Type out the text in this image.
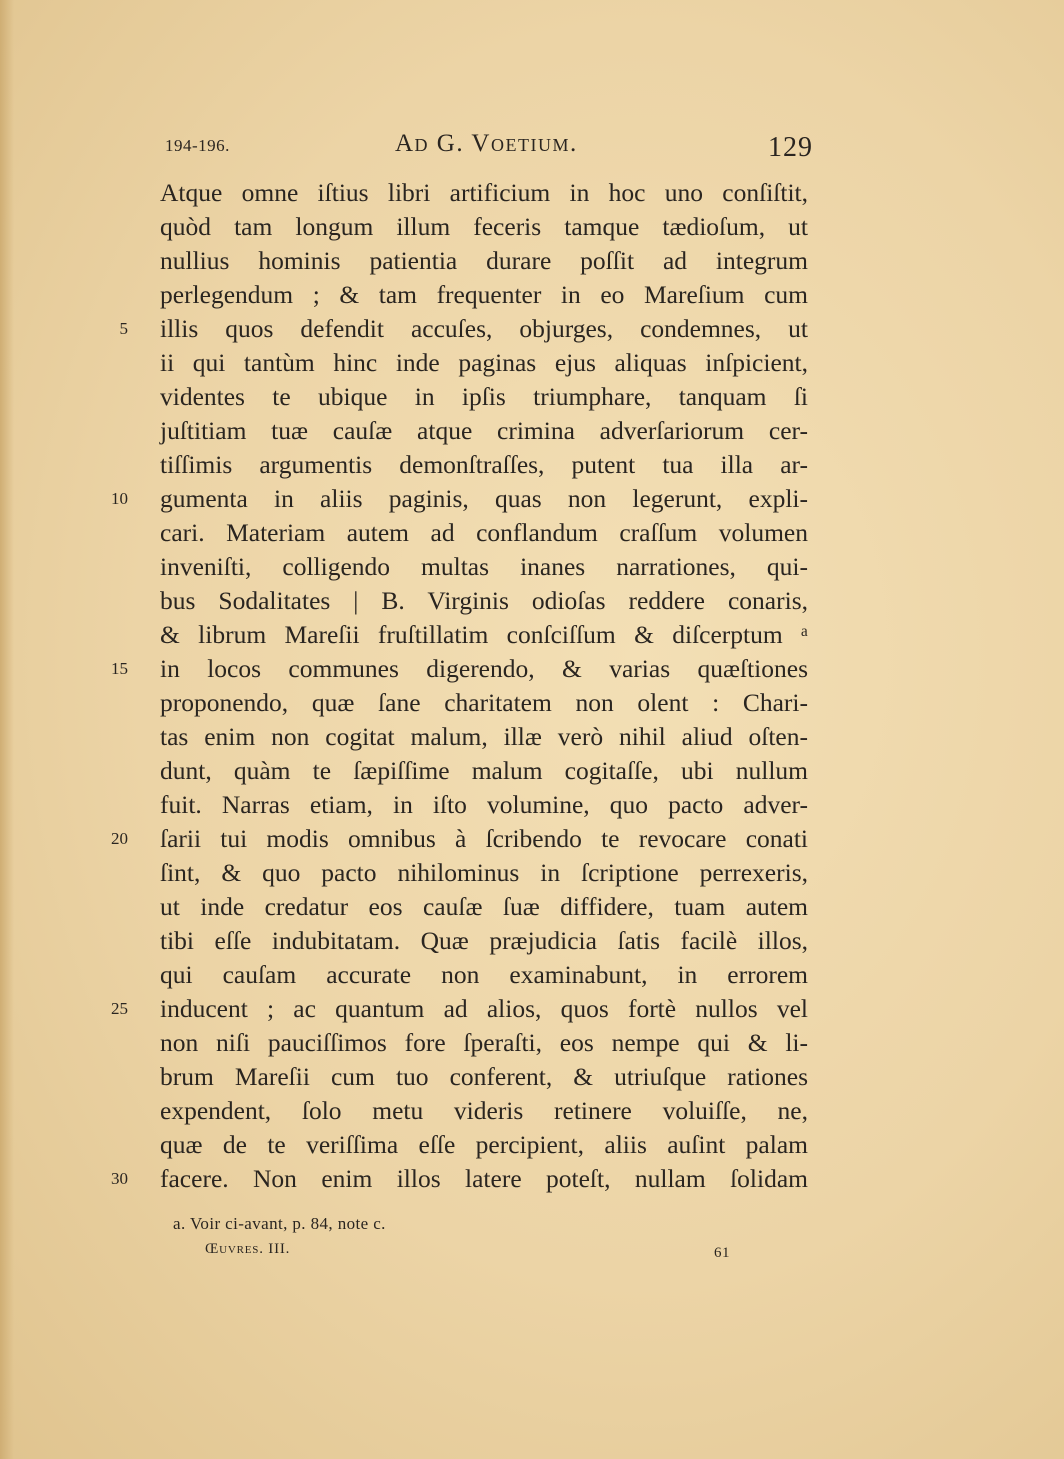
194-196.	Ad G. Voetium.	129
Atque omne iſtius libri artificium in hoc uno conſiſtit,
quòd tam longum illum feceris tamque tædioſum, ut
nullius hominis patientia durare poſſit ad integrum
perlegendum ; & tam frequenter in eo Mareſium cum
5 illis quos defendit accuſes, objurges, condemnes, ut
ii qui tantùm hinc inde paginas ejus aliquas inſpicient,
videntes te ubique in ipſis triumphare, tanquam ſi
juſtitiam tuæ cauſæ atque crimina adverſariorum cer-
tiſſimis argumentis demonſtraſſes, putent tua illa ar-
10 gumenta in aliis paginis, quas non legerunt, expli-
cari. Materiam autem ad conflandum craſſum volumen
inveniſti, colligendo multas inanes narrationes, qui-
bus Sodalitates | B. Virginis odioſas reddere conaris,
& librum Mareſii fruſtillatim conſciſſum & diſcerptum ᵃ
15 in locos communes digerendo, & varias quæſtiones
proponendo, quæ ſane charitatem non olent : Chari-
tas enim non cogitat malum, illæ verò nihil aliud oſten-
dunt, quàm te ſæpiſſime malum cogitaſſe, ubi nullum
fuit. Narras etiam, in iſto volumine, quo pacto adver-
20 ſarii tui modis omnibus à ſcribendo te revocare conati
ſint, & quo pacto nihilominus in ſcriptione perrexeris,
ut inde credatur eos cauſæ ſuæ diffidere, tuam autem
tibi eſſe indubitatam. Quæ præjudicia ſatis facilè illos,
qui cauſam accurate non examinabunt, in errorem
25 inducent ; ac quantum ad alios, quos fortè nullos vel
non niſi pauciſſimos fore ſperaſti, eos nempe qui & li-
brum Mareſii cum tuo conferent, & utriuſque rationes
expendent, ſolo metu videris retinere voluiſſe, ne,
quæ de te veriſſima eſſe percipient, aliis auſint palam
30 facere. Non enim illos latere poteſt, nullam ſolidam
a. Voir ci-avant, p. 84, note c.
Œuvres. III.	61
